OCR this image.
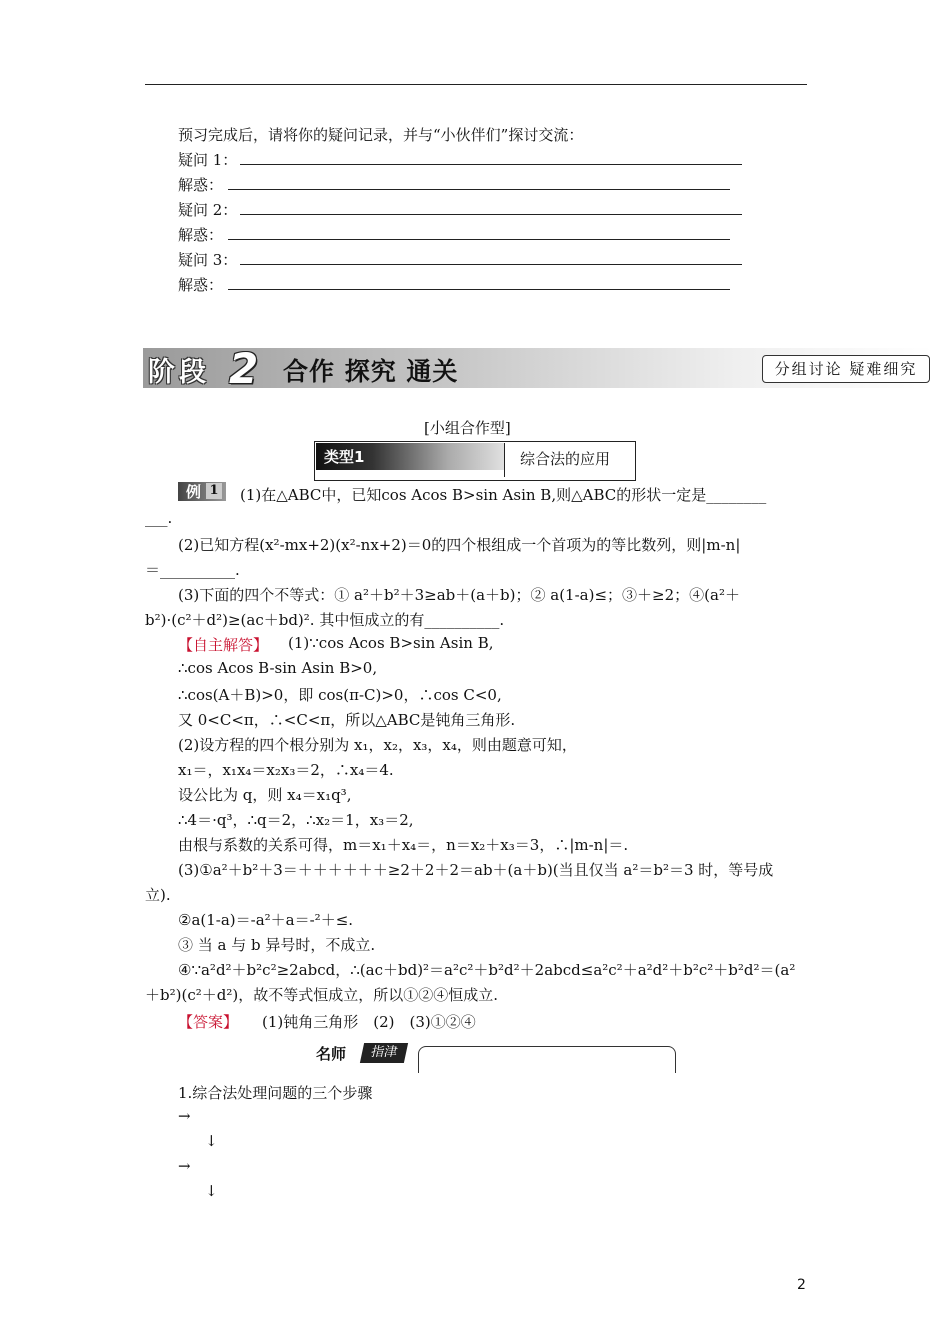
预习完成后，请将你的疑问记录，并与“小伙伴们”探讨交流：
疑问 1：
解惑：
疑问 2：
解惑：
疑问 3：
解惑：
阶段 2 合作 探究 通关	分组讨论 疑难细究
[小组合作型]
类型1	综合法的应用
例 1 (1)在△ABC中，已知cos Acos B>sin Asin B,则△ABC的形状一定是________
___.
(2)已知方程(x²-mx+2)(x²-nx+2)＝0的四个根组成一个首项为的等比数列，则|m-n|
＝__________.
(3)下面的四个不等式：① a²＋b²＋3≥ab＋(a＋b)；② a(1-a)≤；③＋≥2；④(a²＋
b²)·(c²＋d²)≥(ac＋bd)². 其中恒成立的有__________.
【自主解答】 (1)∵cos Acos B>sin Asin B,
∴cos Acos B-sin Asin B>0,
∴cos(A＋B)>0，即 cos(π-C)>0，∴cos C<0,
又 0<C<π，∴<C<π，所以△ABC是钝角三角形.
(2)设方程的四个根分别为 x₁，x₂，x₃，x₄，则由题意可知，
x₁＝，x₁x₄＝x₂x₃＝2，∴x₄＝4.
设公比为 q，则 x₄＝x₁q³,
∴4＝·q³，∴q＝2，∴x₂＝1，x₃＝2,
由根与系数的关系可得，m＝x₁＋x₄＝，n＝x₂＋x₃＝3，∴|m-n|＝.
(3)①a²＋b²＋3＝＋＋＋＋＋＋≥2＋2＋2＝ab＋(a＋b)(当且仅当 a²＝b²＝3 时，等号成
立).
②a(1-a)＝-a²＋a＝-²＋≤.
③ 当 a 与 b 异号时，不成立.
④∵a²d²＋b²c²≥2abcd，∴(ac＋bd)²＝a²c²＋b²d²＋2abcd≤a²c²＋a²d²＋b²c²＋b²d²＝(a²
＋b²)(c²＋d²)，故不等式恒成立，所以①②④恒成立.
【答案】 (1)钝角三角形　(2)　(3)①②④
名师	指津
1.综合法处理问题的三个步骤
→
↓
→
↓
2
